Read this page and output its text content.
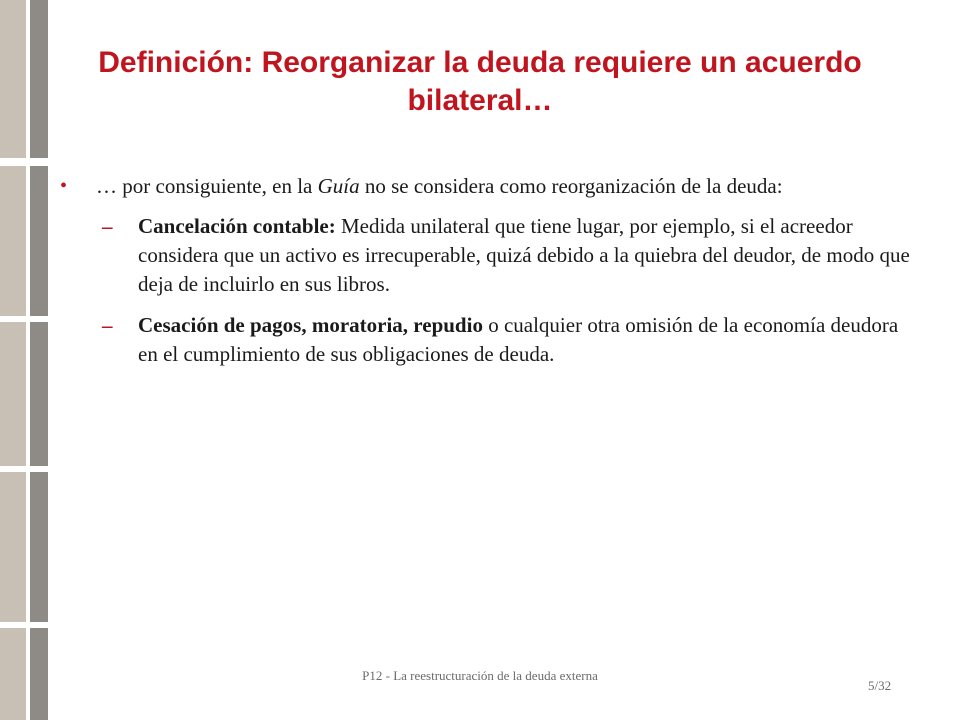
Definición: Reorganizar la deuda requiere un acuerdo bilateral…
• … por consiguiente, en la Guía no se considera como reorganización de la deuda:
– Cancelación contable: Medida unilateral que tiene lugar, por ejemplo, si el acreedor considera que un activo es irrecuperable, quizá debido a la quiebra del deudor, de modo que deja de incluirlo en sus libros.
– Cesación de pagos, moratoria, repudio o cualquier otra omisión de la economía deudora en el cumplimiento de sus obligaciones de deuda.
P12 - La reestructuración de la deuda externa
5/32
